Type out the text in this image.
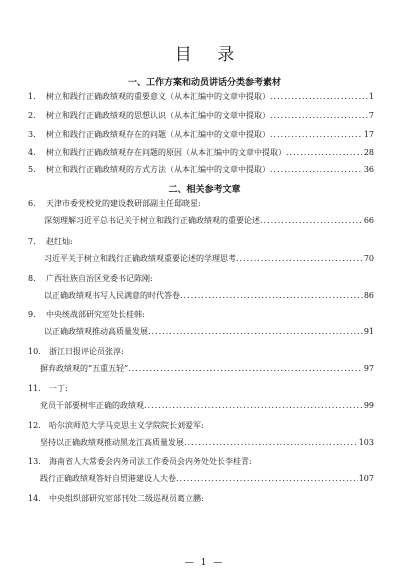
目 录
一、工作方案和动员讲话分类参考素材
1.	树立和践行正确政绩观的重要意义（从本汇编中的文章中提取） .....	1
2.	树立和践行正确政绩观的思想认识（从本汇编中的文章中提取） .....	7
3.	树立和践行正确政绩观存在的问题（从本汇编中的文章中提取） .....	17
4.	树立和践行正确政绩观存在问题的原因（从本汇编中的文章中提取） .....	28
5.	树立和践行正确政绩观的方式方法（从本汇编中的文章中提取） .....	36
二、相关参考文章
6.	天津市委党校党的建设教研部副主任邸晓星:
深刻理解习近平总书记关于树立和践行正确政绩观的重要论述 .....	66
7.	赵红灿:
习近平关于树立和践行正确政绩观重要论述的学理思考 .....	70
8.	广西壮族自治区党委书记陈刚:
以正确政绩观书写人民满意的时代答卷 .....	86
9.	中央统战部研究室处长桂韩:
以正确政绩观推动高质量发展 .....	91
10.	浙江日报评论员张淳:
摒弃政绩观的“五重五轻” .....	97
11.	一丁:
党员干部要树牢正确的政绩观 .....	99
12.	哈尔滨师范大学马克思主义学院院长刘爱军:
坚持以正确政绩观推动黑龙江高质量发展 .....	103
13.	海南省人大常委会内务司法工作委员会内务处处长李桂青:
践行正确政绩观答好自贸港建设人大卷 .....	107
14.	中央组织部研究室部刊处二级巡视员葛立鹏:
— 1 —
